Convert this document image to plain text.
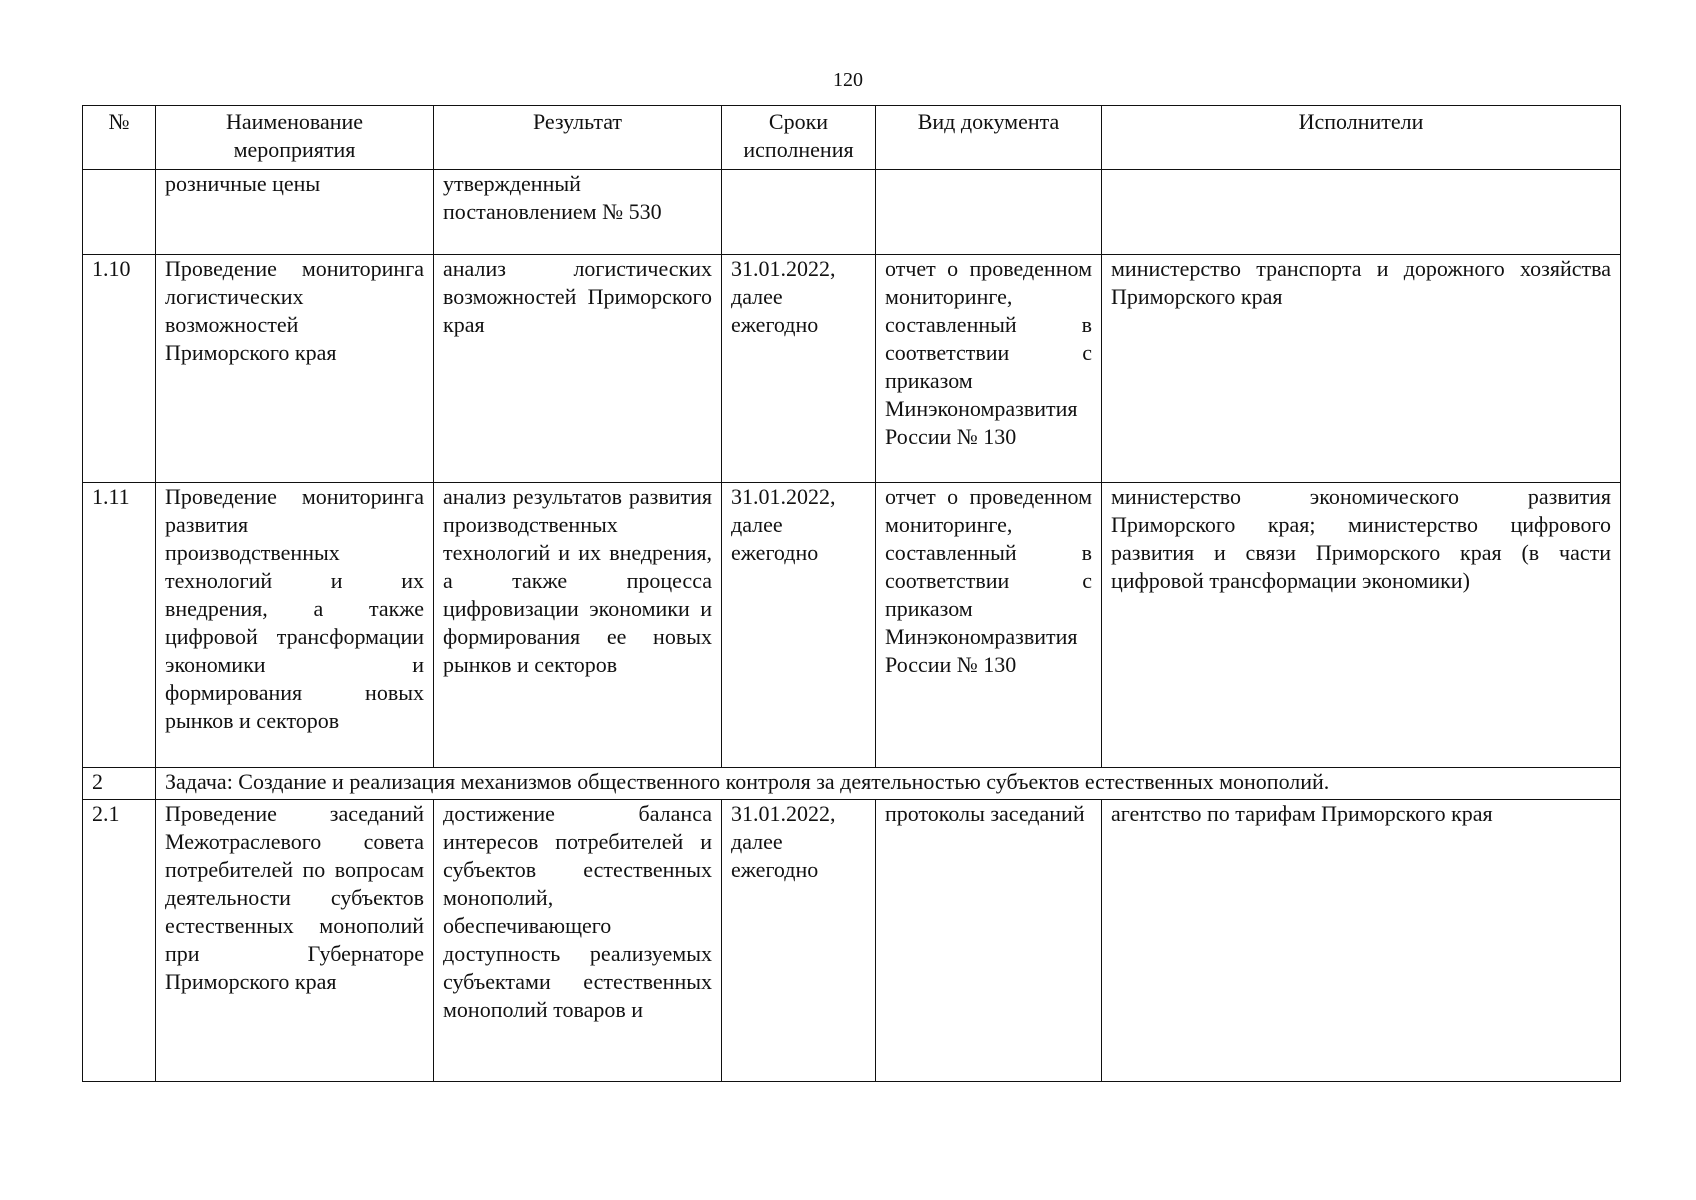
120
№	Наименование мероприятия	Результат	Сроки исполнения	Вид документа	Исполнители
	розничные цены	утвержденный постановлением № 530			
1.10	Проведение мониторинга логистических возможностей Приморского края	анализ логистических возможностей Приморского края	31.01.2022, далее ежегодно	отчет о проведенном мониторинге, составленный в соответствии с приказом Минэкономразвития России № 130	министерство транспорта и дорожного хозяйства Приморского края
1.11	Проведение мониторинга развития производственных технологий и их внедрения, а также цифровой трансформации экономики и формирования новых рынков и секторов	анализ результатов развития производственных технологий и их внедрения, а также процесса цифровизации экономики и формирования ее новых рынков и секторов	31.01.2022, далее ежегодно	отчет о проведенном мониторинге, составленный в соответствии с приказом Минэкономразвития России № 130	министерство экономического развития Приморского края; министерство цифрового развития и связи Приморского края (в части цифровой трансформации экономики)
2	Задача: Создание и реализация механизмов общественного контроля за деятельностью субъектов естественных монополий.				
2.1	Проведение заседаний Межотраслевого совета потребителей по вопросам деятельности субъектов естественных монополий при Губернаторе Приморского края	достижение баланса интересов потребителей и субъектов естественных монополий, обеспечивающего доступность реализуемых субъектами естественных монополий товаров и	31.01.2022, далее ежегодно	протоколы заседаний	агентство по тарифам Приморского края
